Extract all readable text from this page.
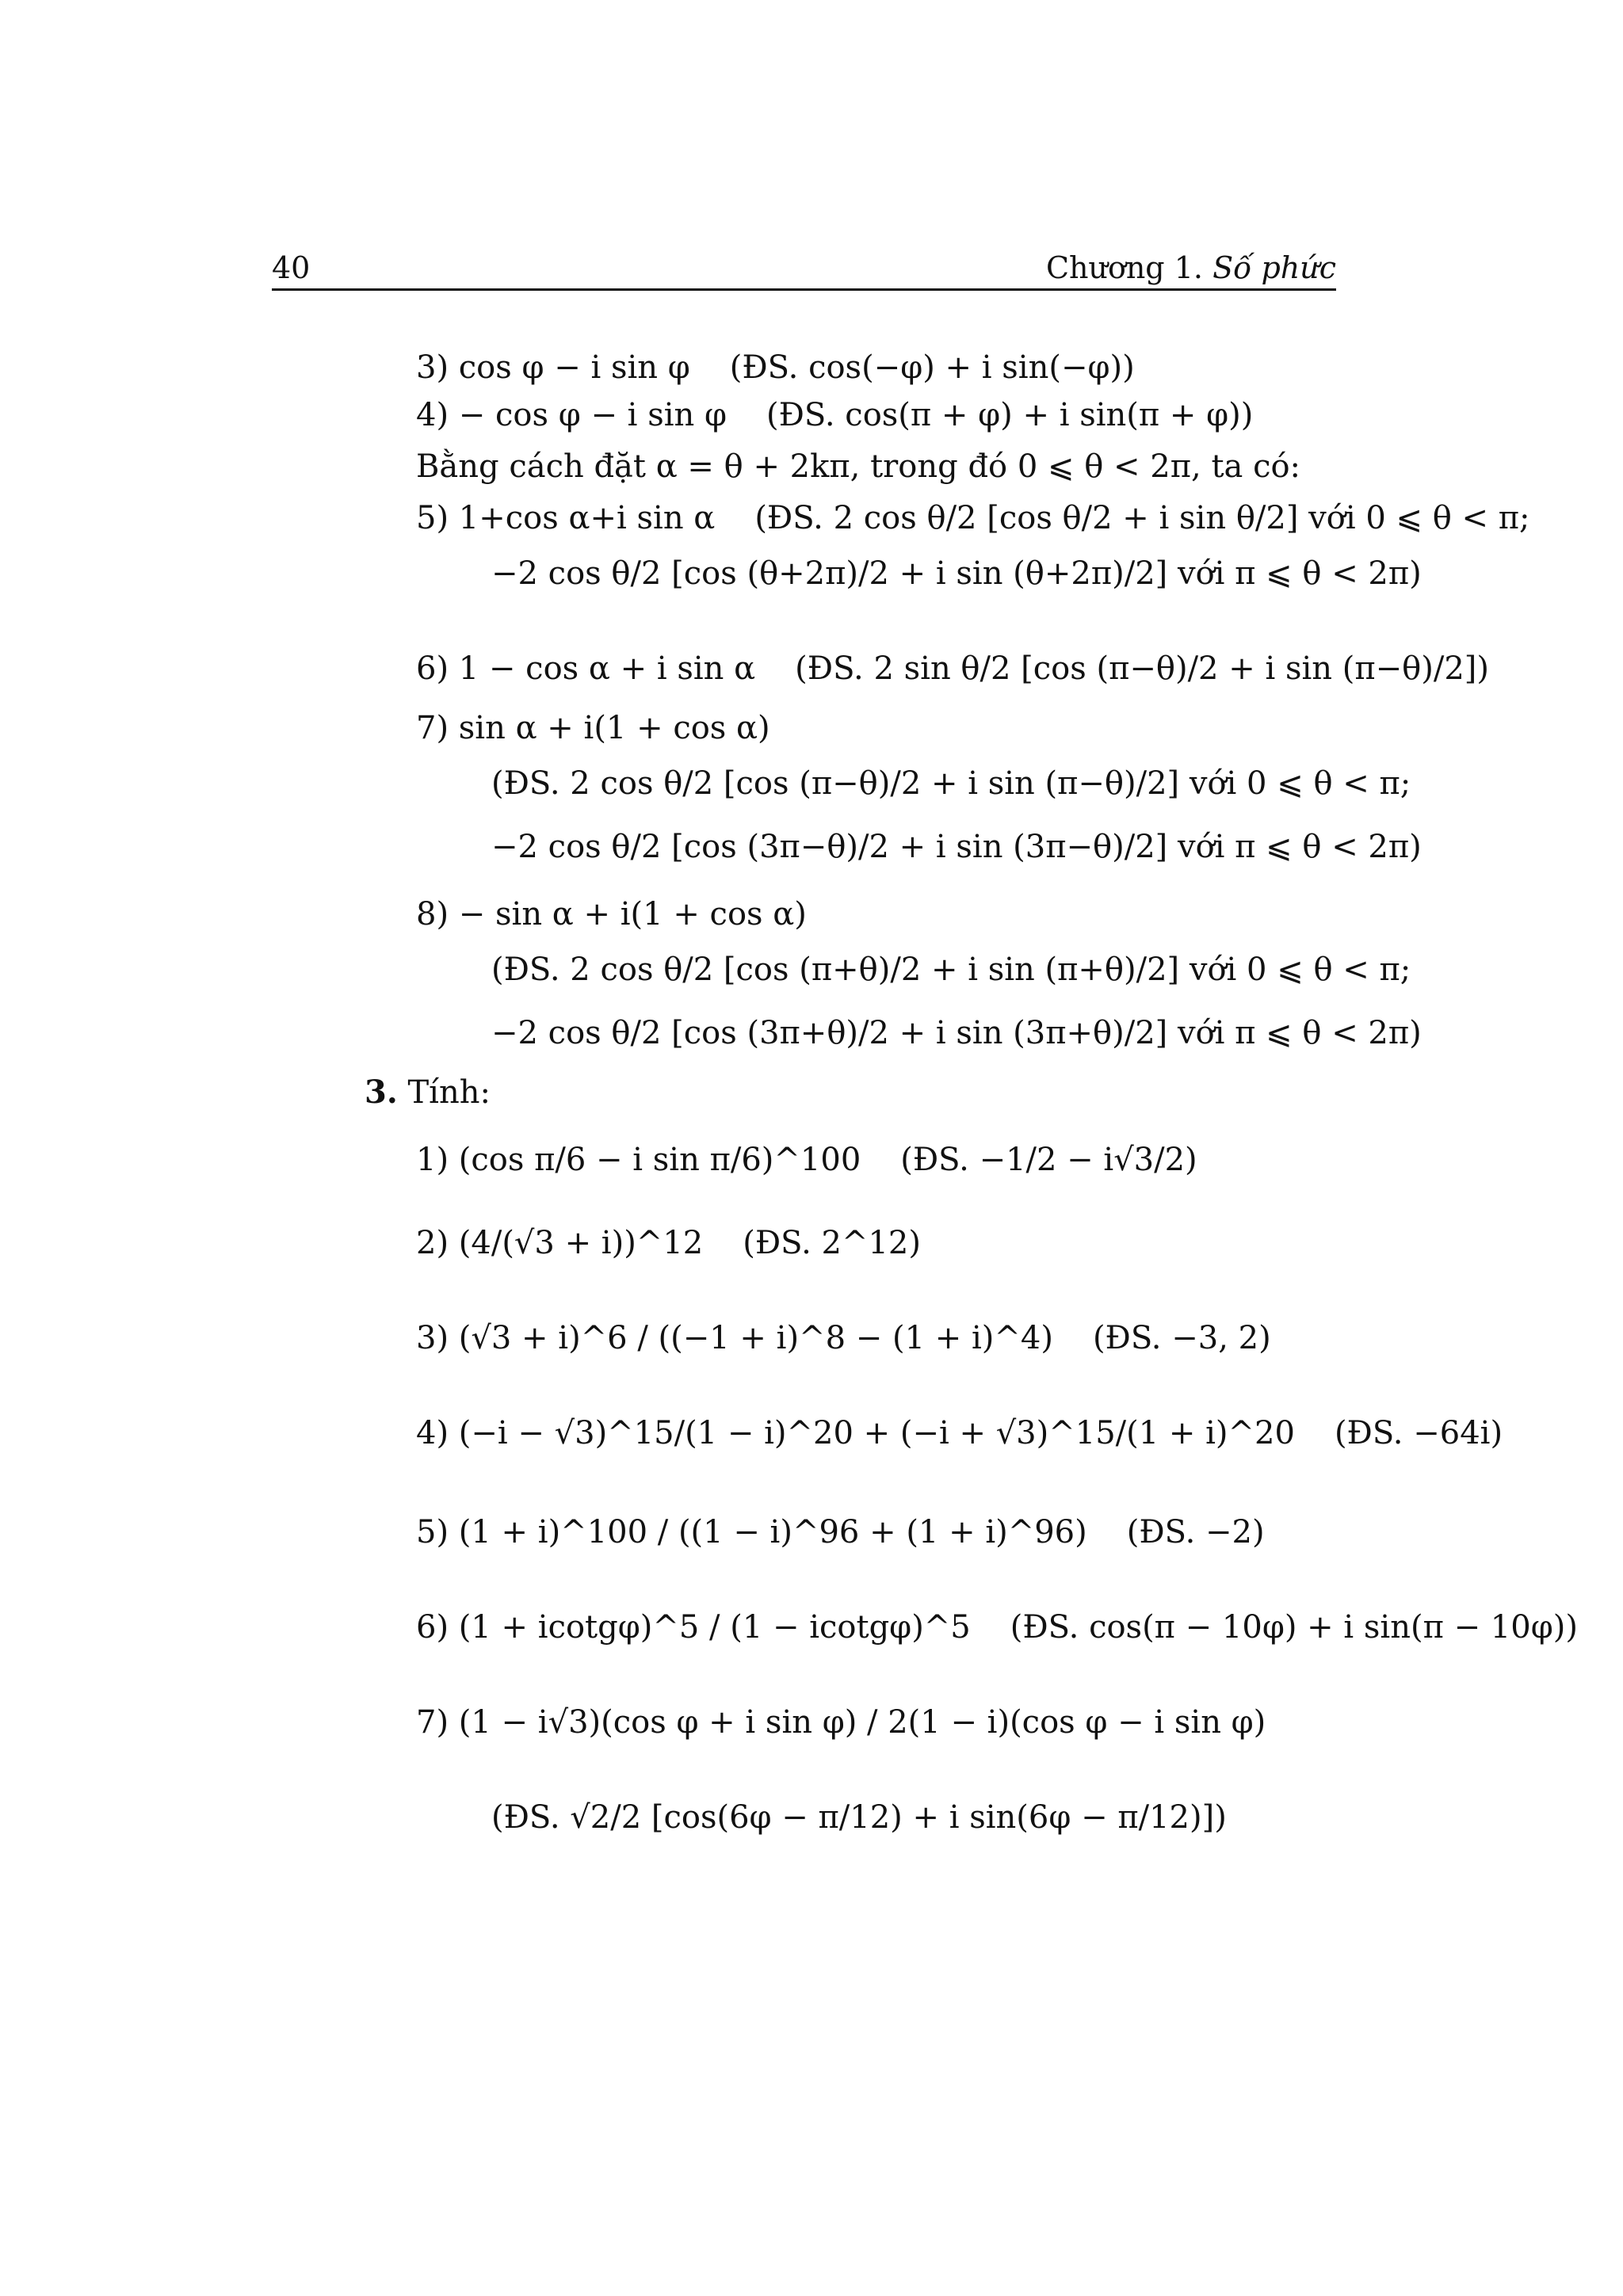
40	Chương 1. Số phức
3) cos φ − i sin φ (ĐS. cos(−φ) + i sin(−φ))
4) − cos φ − i sin φ (ĐS. cos(π + φ) + i sin(π + φ))
Bằng cách đặt α = θ + 2kπ, trong đó 0 ⩽ θ < 2π, ta có:
5) 1+cos α+i sin α (ĐS. 2 cos θ/2 [cos θ/2 + i sin θ/2] với 0 ⩽ θ < π;
−2 cos θ/2 [cos (θ+2π)/2 + i sin (θ+2π)/2] với π ⩽ θ < 2π)
6) 1 − cos α + i sin α (ĐS. 2 sin θ/2 [cos (π−θ)/2 + i sin (π−θ)/2])
7) sin α + i(1 + cos α)
(ĐS. 2 cos θ/2 [cos (π−θ)/2 + i sin (π−θ)/2] với 0 ⩽ θ < π;
−2 cos θ/2 [cos (3π−θ)/2 + i sin (3π−θ)/2] với π ⩽ θ < 2π)
8) − sin α + i(1 + cos α)
(ĐS. 2 cos θ/2 [cos (π+θ)/2 + i sin (π+θ)/2] với 0 ⩽ θ < π;
−2 cos θ/2 [cos (3π+θ)/2 + i sin (3π+θ)/2] với π ⩽ θ < 2π)
3.
Tính:
1)
(cos π/6 − i sin π/6)^100 (ĐS. −1/2 − i√3/2)
2)
(4/(√3 + i))^12 (ĐS. 2^12)
3)
(√3 + i)^6 / ((−1 + i)^8 − (1 + i)^4) (ĐS. −3, 2)
4)
(−i − √3)^15/(1 − i)^20 + (−i + √3)^15/(1 + i)^20 (ĐS. −64i)
5)
(1 + i)^100 / ((1 − i)^96 + (1 + i)^96) (ĐS. −2)
6)
(1 + icotgφ)^5 / (1 − icotgφ)^5 (ĐS. cos(π − 10φ) + i sin(π − 10φ))
7)
(1 − i√3)(cos φ + i sin φ) / 2(1 − i)(cos φ − i sin φ)
(ĐS. √2/2 [cos(6φ − π/12) + i sin(6φ − π/12)])
